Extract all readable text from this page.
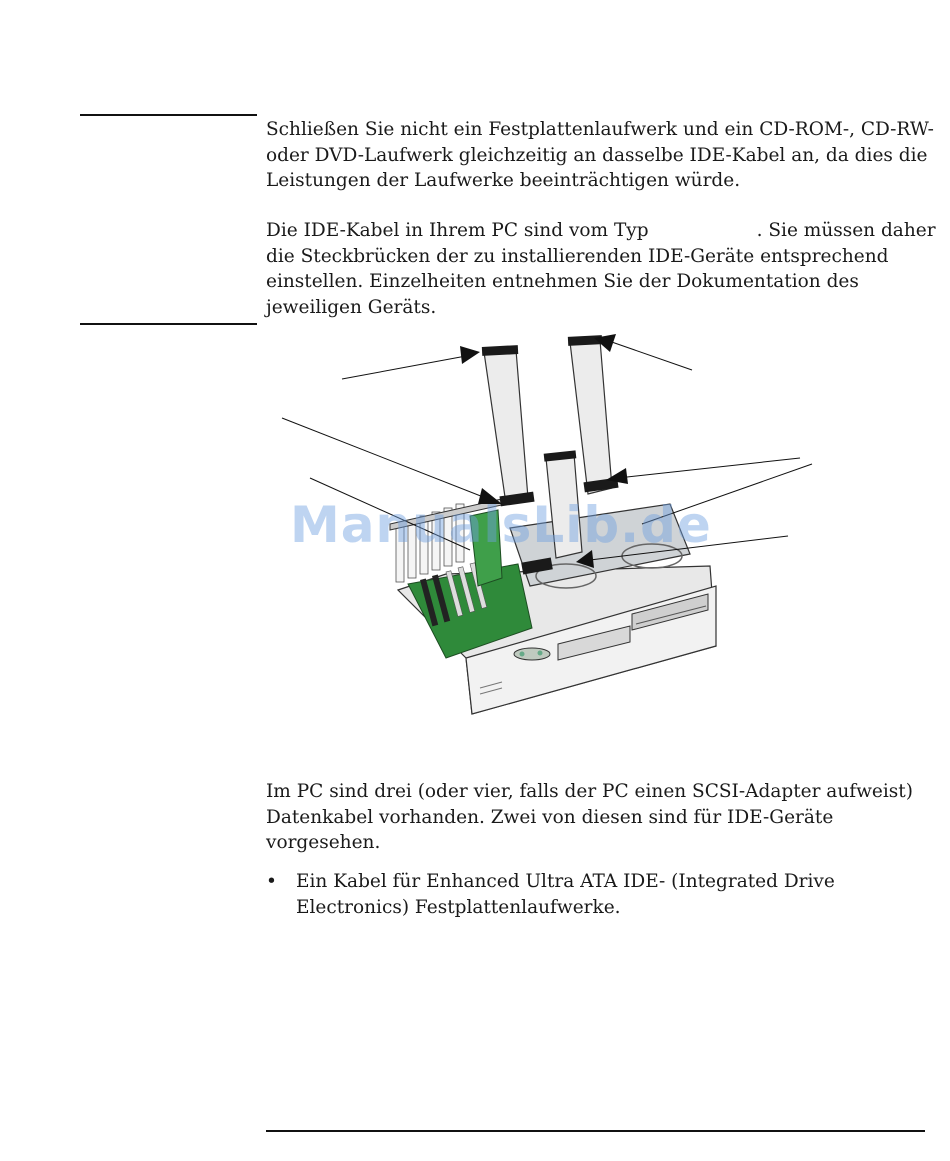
Schließen Sie nicht ein Festplattenlaufwerk und ein CD-ROM-, CD-RW- oder DVD-Laufwerk gleichzeitig an dasselbe IDE-Kabel an, da dies die Leistungen der Laufwerke beeinträchtigen würde.

Die IDE-Kabel in Ihrem PC sind vom Typ	. Sie müssen daher die Steckbrücken der zu installierenden IDE-Geräte entsprechend einstellen. Einzelheiten entnehmen Sie der Dokumentation des jeweiligen Geräts.

ManualsLib.de

Im PC sind drei (oder vier, falls der PC einen SCSI-Adapter aufweist) Datenkabel vorhanden. Zwei von diesen sind für IDE-Geräte vorgesehen.

• Ein Kabel für Enhanced Ultra ATA IDE- (Integrated Drive Electronics) Festplattenlaufwerke.
